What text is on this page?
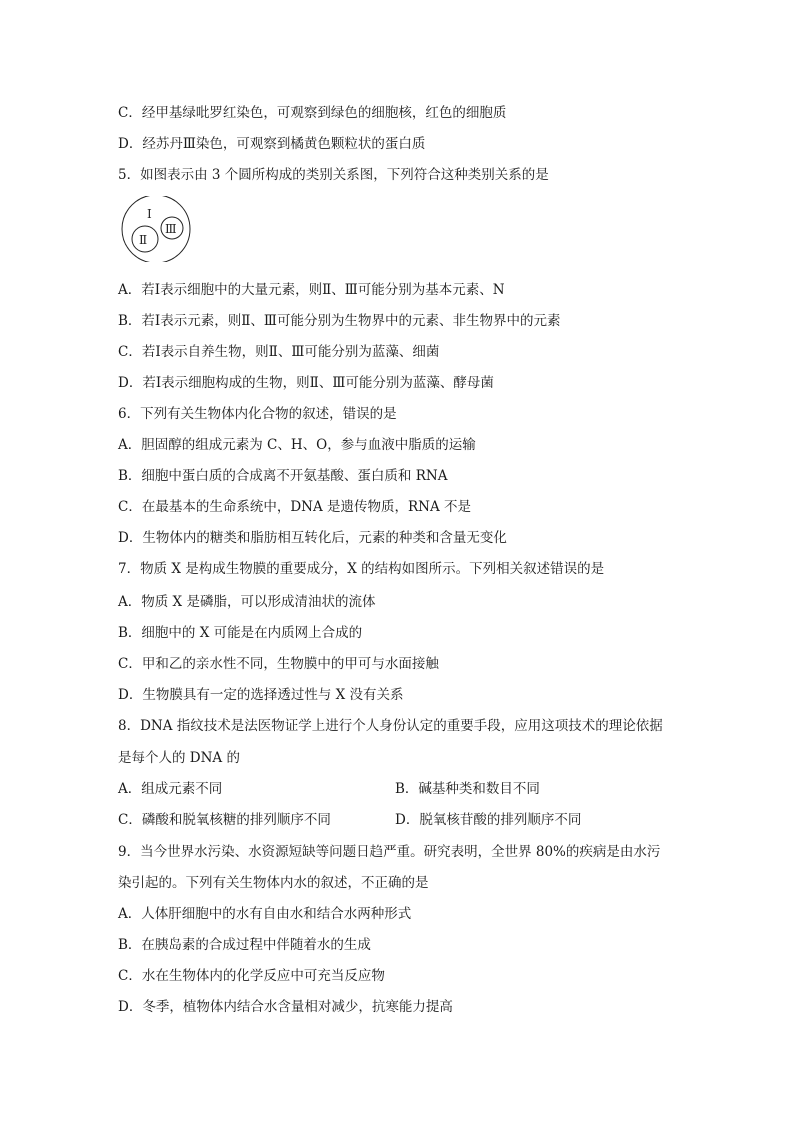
C．经甲基绿吡罗红染色，可观察到绿色的细胞核，红色的细胞质
D．经苏丹Ⅲ染色，可观察到橘黄色颗粒状的蛋白质
5．如图表示由 3 个圆所构成的类别关系图，下列符合这种类别关系的是
Ⅰ
Ⅱ
Ⅲ
A．若Ⅰ表示细胞中的大量元素，则Ⅱ、Ⅲ可能分别为基本元素、N
B．若Ⅰ表示元素，则Ⅱ、Ⅲ可能分别为生物界中的元素、非生物界中的元素
C．若Ⅰ表示自养生物，则Ⅱ、Ⅲ可能分别为蓝藻、细菌
D．若Ⅰ表示细胞构成的生物，则Ⅱ、Ⅲ可能分别为蓝藻、酵母菌
6．下列有关生物体内化合物的叙述，错误的是
A．胆固醇的组成元素为 C、H、O，参与血液中脂质的运输
B．细胞中蛋白质的合成离不开氨基酸、蛋白质和 RNA
C．在最基本的生命系统中，DNA 是遗传物质，RNA 不是
D．生物体内的糖类和脂肪相互转化后，元素的种类和含量无变化
7．物质 X 是构成生物膜的重要成分，X 的结构如图所示。下列相关叙述错误的是
A．物质 X 是磷脂，可以形成清油状的流体
B．细胞中的 X 可能是在内质网上合成的
C．甲和乙的亲水性不同，生物膜中的甲可与水面接触
D．生物膜具有一定的选择透过性与 X 没有关系
8．DNA 指纹技术是法医物证学上进行个人身份认定的重要手段，应用这项技术的理论依据
是每个人的 DNA 的
A．组成元素不同	B．碱基种类和数目不同
C．磷酸和脱氧核糖的排列顺序不同	D．脱氧核苷酸的排列顺序不同
9．当今世界水污染、水资源短缺等问题日趋严重。研究表明，全世界 80%的疾病是由水污
染引起的。下列有关生物体内水的叙述，不正确的是
A．人体肝细胞中的水有自由水和结合水两种形式
B．在胰岛素的合成过程中伴随着水的生成
C．水在生物体内的化学反应中可充当反应物
D．冬季，植物体内结合水含量相对减少，抗寒能力提高
